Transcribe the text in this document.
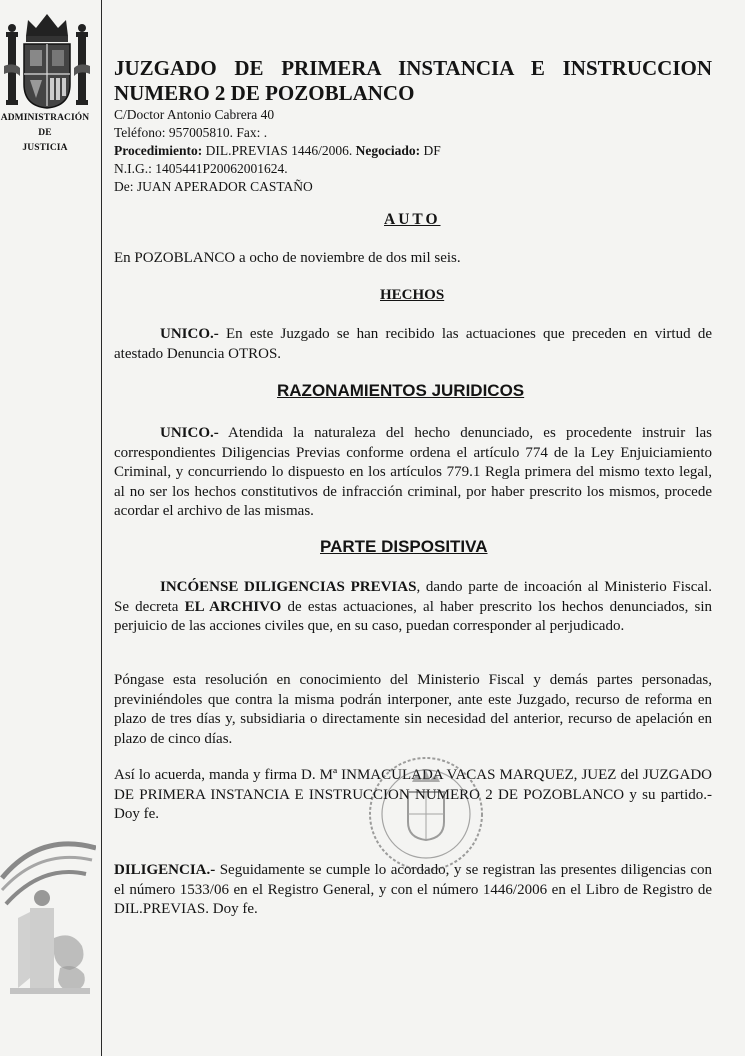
ADMINISTRACIÓN
DE
JUSTICIA
JUZGADO DE PRIMERA INSTANCIA E INSTRUCCION
NUMERO 2 DE POZOBLANCO
C/Doctor Antonio Cabrera 40
Teléfono: 957005810. Fax: .
Procedimiento: DIL.PREVIAS 1446/2006. Negociado: DF
N.I.G.: 1405441P20062001624.
De: JUAN APERADOR CASTAÑO
AUTO
En POZOBLANCO a ocho de noviembre de dos mil seis.
HECHOS
UNICO.- En este Juzgado se han recibido las actuaciones que preceden en virtud de atestado Denuncia OTROS.
RAZONAMIENTOS JURIDICOS
UNICO.- Atendida la naturaleza del hecho denunciado, es procedente instruir las correspondientes Diligencias Previas conforme ordena el artículo 774 de la Ley Enjuiciamiento Criminal, y concurriendo lo dispuesto en los artículos 779.1 Regla primera del mismo texto legal, al no ser los hechos constitutivos de infracción criminal, por haber prescrito los mismos, procede acordar el archivo de las mismas.
PARTE DISPOSITIVA
INCÓENSE DILIGENCIAS PREVIAS, dando parte de incoación al Ministerio Fiscal. Se decreta EL ARCHIVO de estas actuaciones, al haber prescrito los hechos denunciados, sin perjuicio de las acciones civiles que, en su caso, puedan corresponder al perjudicado.
Póngase esta resolución en conocimiento del Ministerio Fiscal y demás partes personadas, previniéndoles que contra la misma podrán interponer, ante este Juzgado, recurso de reforma en plazo de tres días y, subsidiaria o directamente sin necesidad del anterior, recurso de apelación en plazo de cinco días.
Así lo acuerda, manda y firma D. Mª INMACULADA VACAS MARQUEZ, JUEZ del JUZGADO DE PRIMERA INSTANCIA E INSTRUCCION NUMERO 2 DE POZOBLANCO y su partido.- Doy fe.
DILIGENCIA.- Seguidamente se cumple lo acordado, y se registran las presentes diligencias con el número 1533/06 en el Registro General, y con el número 1446/2006 en el Libro de Registro de DIL.PREVIAS. Doy fe.
